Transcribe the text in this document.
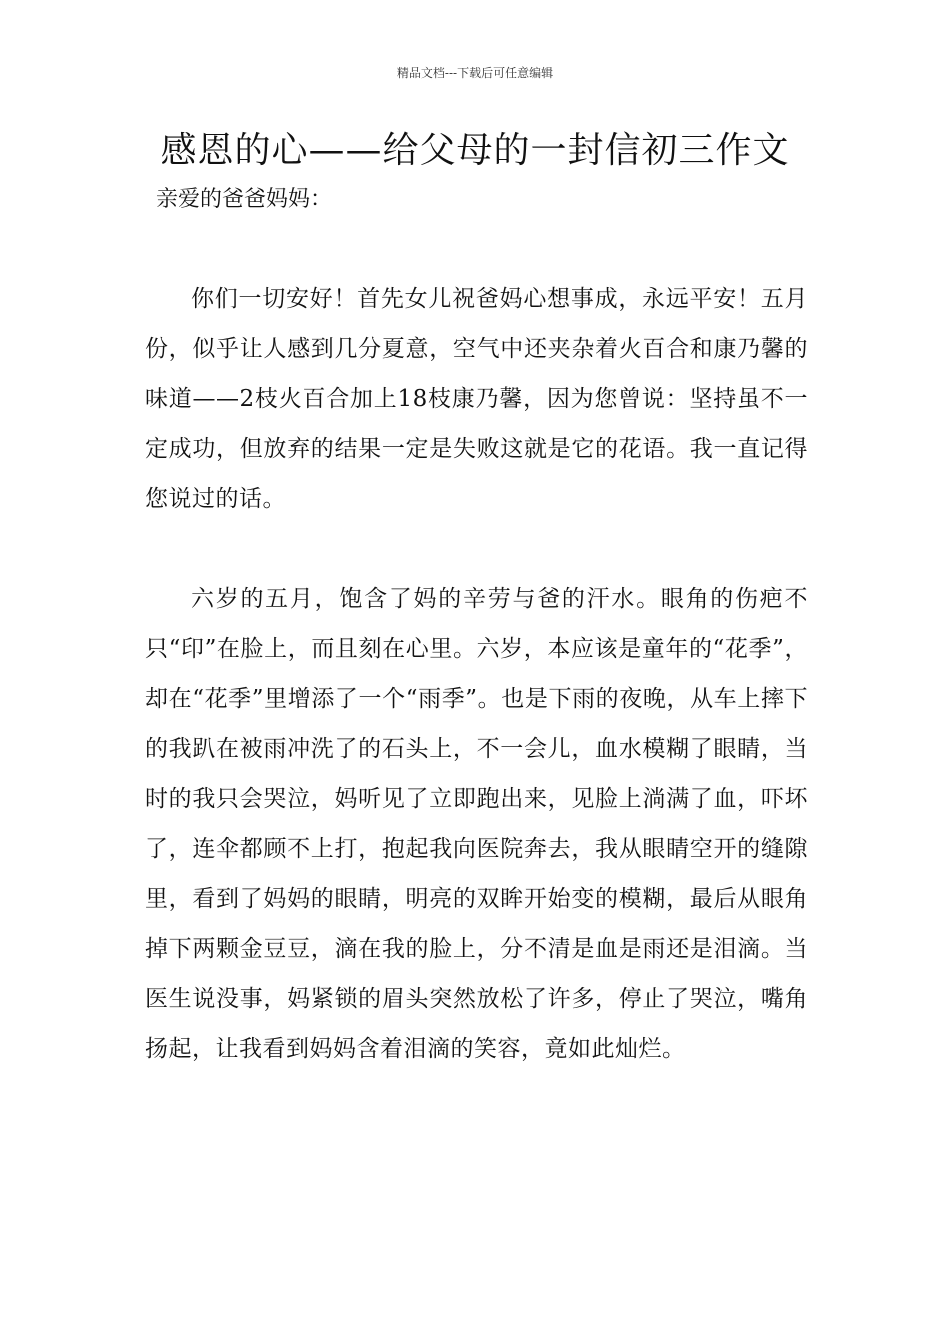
精品文档---下载后可任意编辑
感恩的心——给父母的一封信初三作文
亲爱的爸爸妈妈：

你们一切安好！首先女儿祝爸妈心想事成，永远平安！五月份，似乎让人感到几分夏意，空气中还夹杂着火百合和康乃馨的味道——2枝火百合加上18枝康乃馨，因为您曾说：坚持虽不一定成功，但放弃的结果一定是失败这就是它的花语。我一直记得您说过的话。

六岁的五月，饱含了妈的辛劳与爸的汗水。眼角的伤疤不只“印”在脸上，而且刻在心里。六岁，本应该是童年的“花季”，却在“花季”里增添了一个“雨季”。也是下雨的夜晚，从车上摔下的我趴在被雨冲洗了的石头上，不一会儿，血水模糊了眼睛，当时的我只会哭泣，妈听见了立即跑出来，见脸上淌满了血，吓坏了，连伞都顾不上打，抱起我向医院奔去，我从眼睛空开的缝隙里，看到了妈妈的眼睛，明亮的双眸开始变的模糊，最后从眼角掉下两颗金豆豆，滴在我的脸上，分不清是血是雨还是泪滴。当医生说没事，妈紧锁的眉头突然放松了许多，停止了哭泣，嘴角扬起，让我看到妈妈含着泪滴的笑容，竟如此灿烂。
